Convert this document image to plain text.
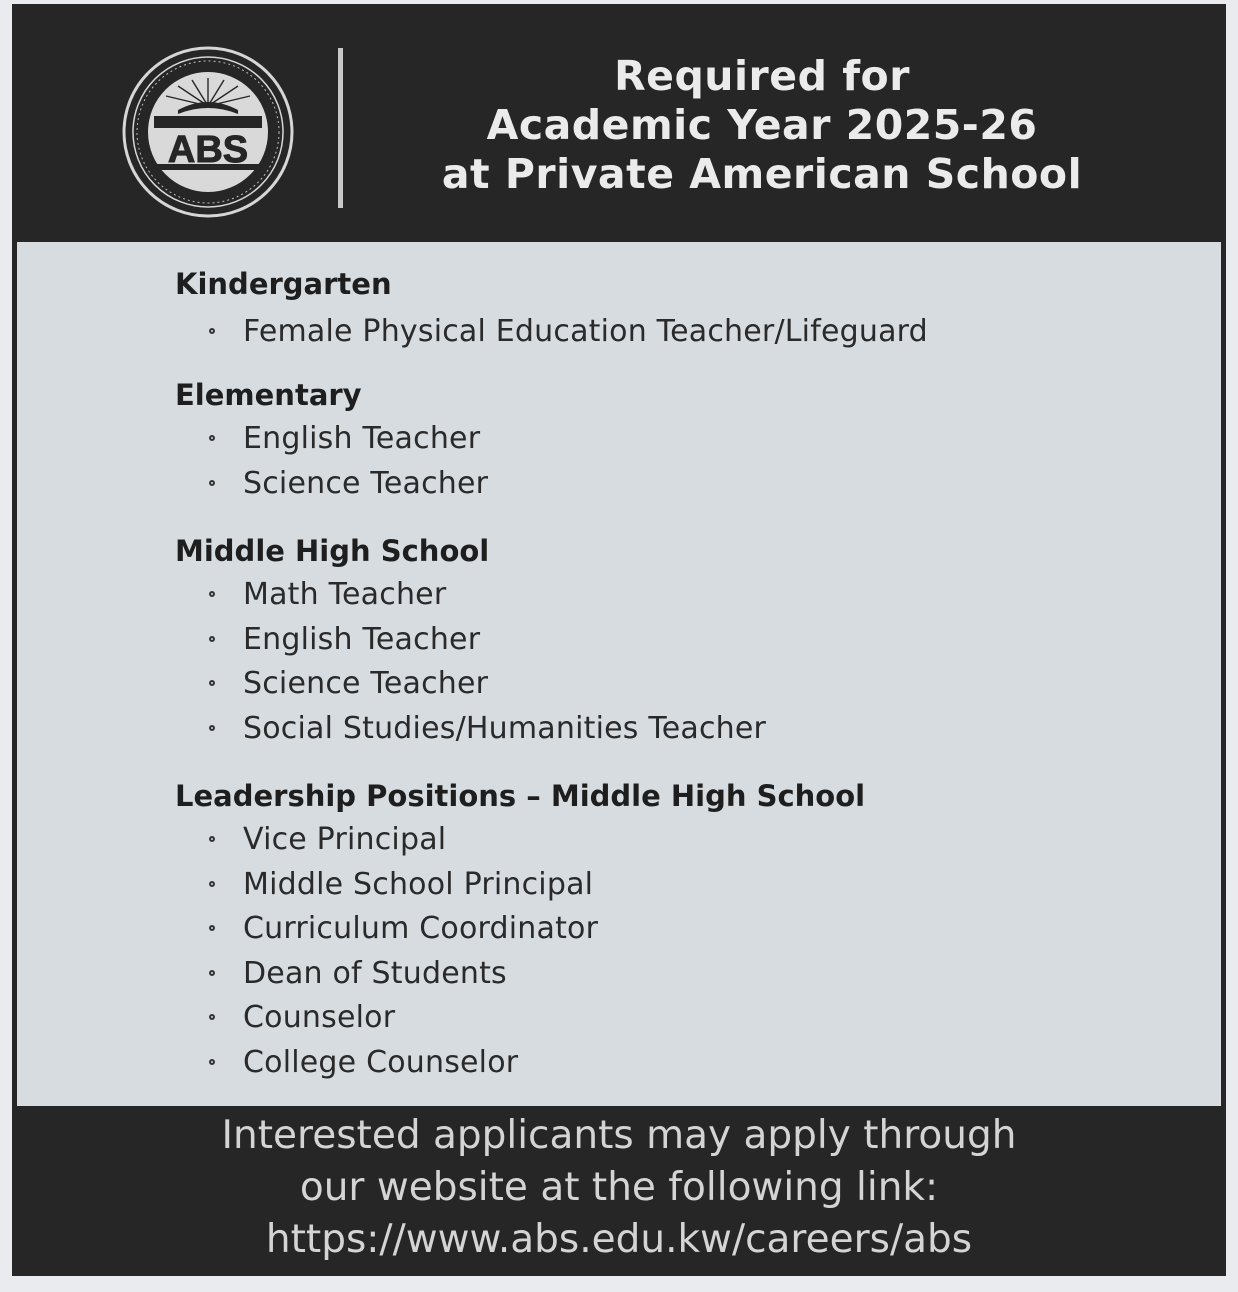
ABS
Required for
Academic Year 2025-26
at Private American School
Kindergarten
Female Physical Education Teacher/Lifeguard
Elementary
English Teacher
Science Teacher
Middle High School
Math Teacher
English Teacher
Science Teacher
Social Studies/Humanities Teacher
Leadership Positions – Middle High School
Vice Principal
Middle School Principal
Curriculum Coordinator
Dean of Students
Counselor
College Counselor
Interested applicants may apply through
our website at the following link:
https://www.abs.edu.kw/careers/abs
